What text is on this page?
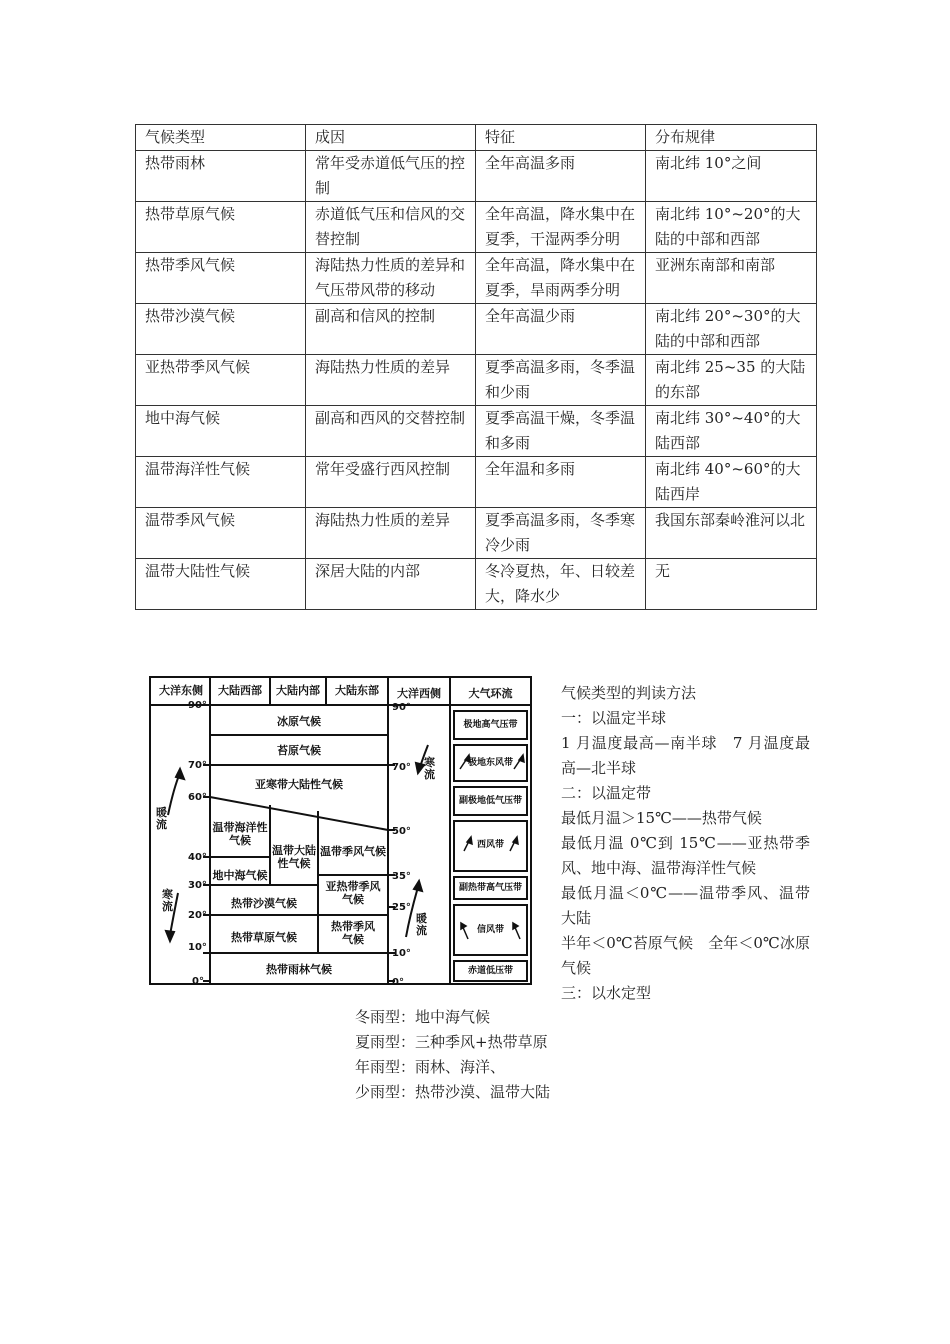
气候类型	成因	特征	分布规律
热带雨林	常年受赤道低气压的控制	全年高温多雨	南北纬 10°之间
热带草原气候	赤道低气压和信风的交替控制	全年高温，降水集中在夏季，干湿两季分明	南北纬 10°~20°的大陆的中部和西部
热带季风气候	海陆热力性质的差异和气压带风带的移动	全年高温，降水集中在夏季，旱雨两季分明	亚洲东南部和南部
热带沙漠气候	副高和信风的控制	全年高温少雨	南北纬 20°~30°的大陆的中部和西部
亚热带季风气候	海陆热力性质的差异	夏季高温多雨，冬季温和少雨	南北纬 25~35 的大陆的东部
地中海气候	副高和西风的交替控制	夏季高温干燥，冬季温和多雨	南北纬 30°~40°的大陆西部
温带海洋性气候	常年受盛行西风控制	全年温和多雨	南北纬 40°~60°的大陆西岸
温带季风气候	海陆热力性质的差异	夏季高温多雨，冬季寒冷少雨	我国东部秦岭淮河以北
温带大陆性气候	深居大陆的内部	冬冷夏热，年、日较差大，降水少	无
大洋东侧	大陆西部	大陆内部	大陆东部	大洋西侧	大气环流
90°
70°
60°
40°
30°
20°
10°
0°
90°
70°
50°
35°
25°
10°
0°
暖流
寒流
寒流
暖流
冰原气候
苔原气候
亚寒带大陆性气候
温带海洋性气候
温带大陆性气候
温带季风气候
地中海气候
亚热带季风气候
热带沙漠气候
热带季风气候
热带草原气候
热带雨林气候
极地高气压带
极地东风带
副极地低气压带
西风带
副热带高气压带
信风带
赤道低压带

气候类型的判读方法

一：以温定半球

1 月温度最高—南半球　7 月温度最高—北半球

二：以温定带

最低月温＞15℃——热带气候

最低月温 0℃到 15℃——亚热带季风、地中海、温带海洋性气候

最低月温＜0℃——温带季风、温带大陆

半年＜0℃苔原气候　全年＜0℃冰原气候

三：以水定型

冬雨型：地中海气候

夏雨型：三种季风+热带草原

年雨型：雨林、海洋、

少雨型：热带沙漠、温带大陆
